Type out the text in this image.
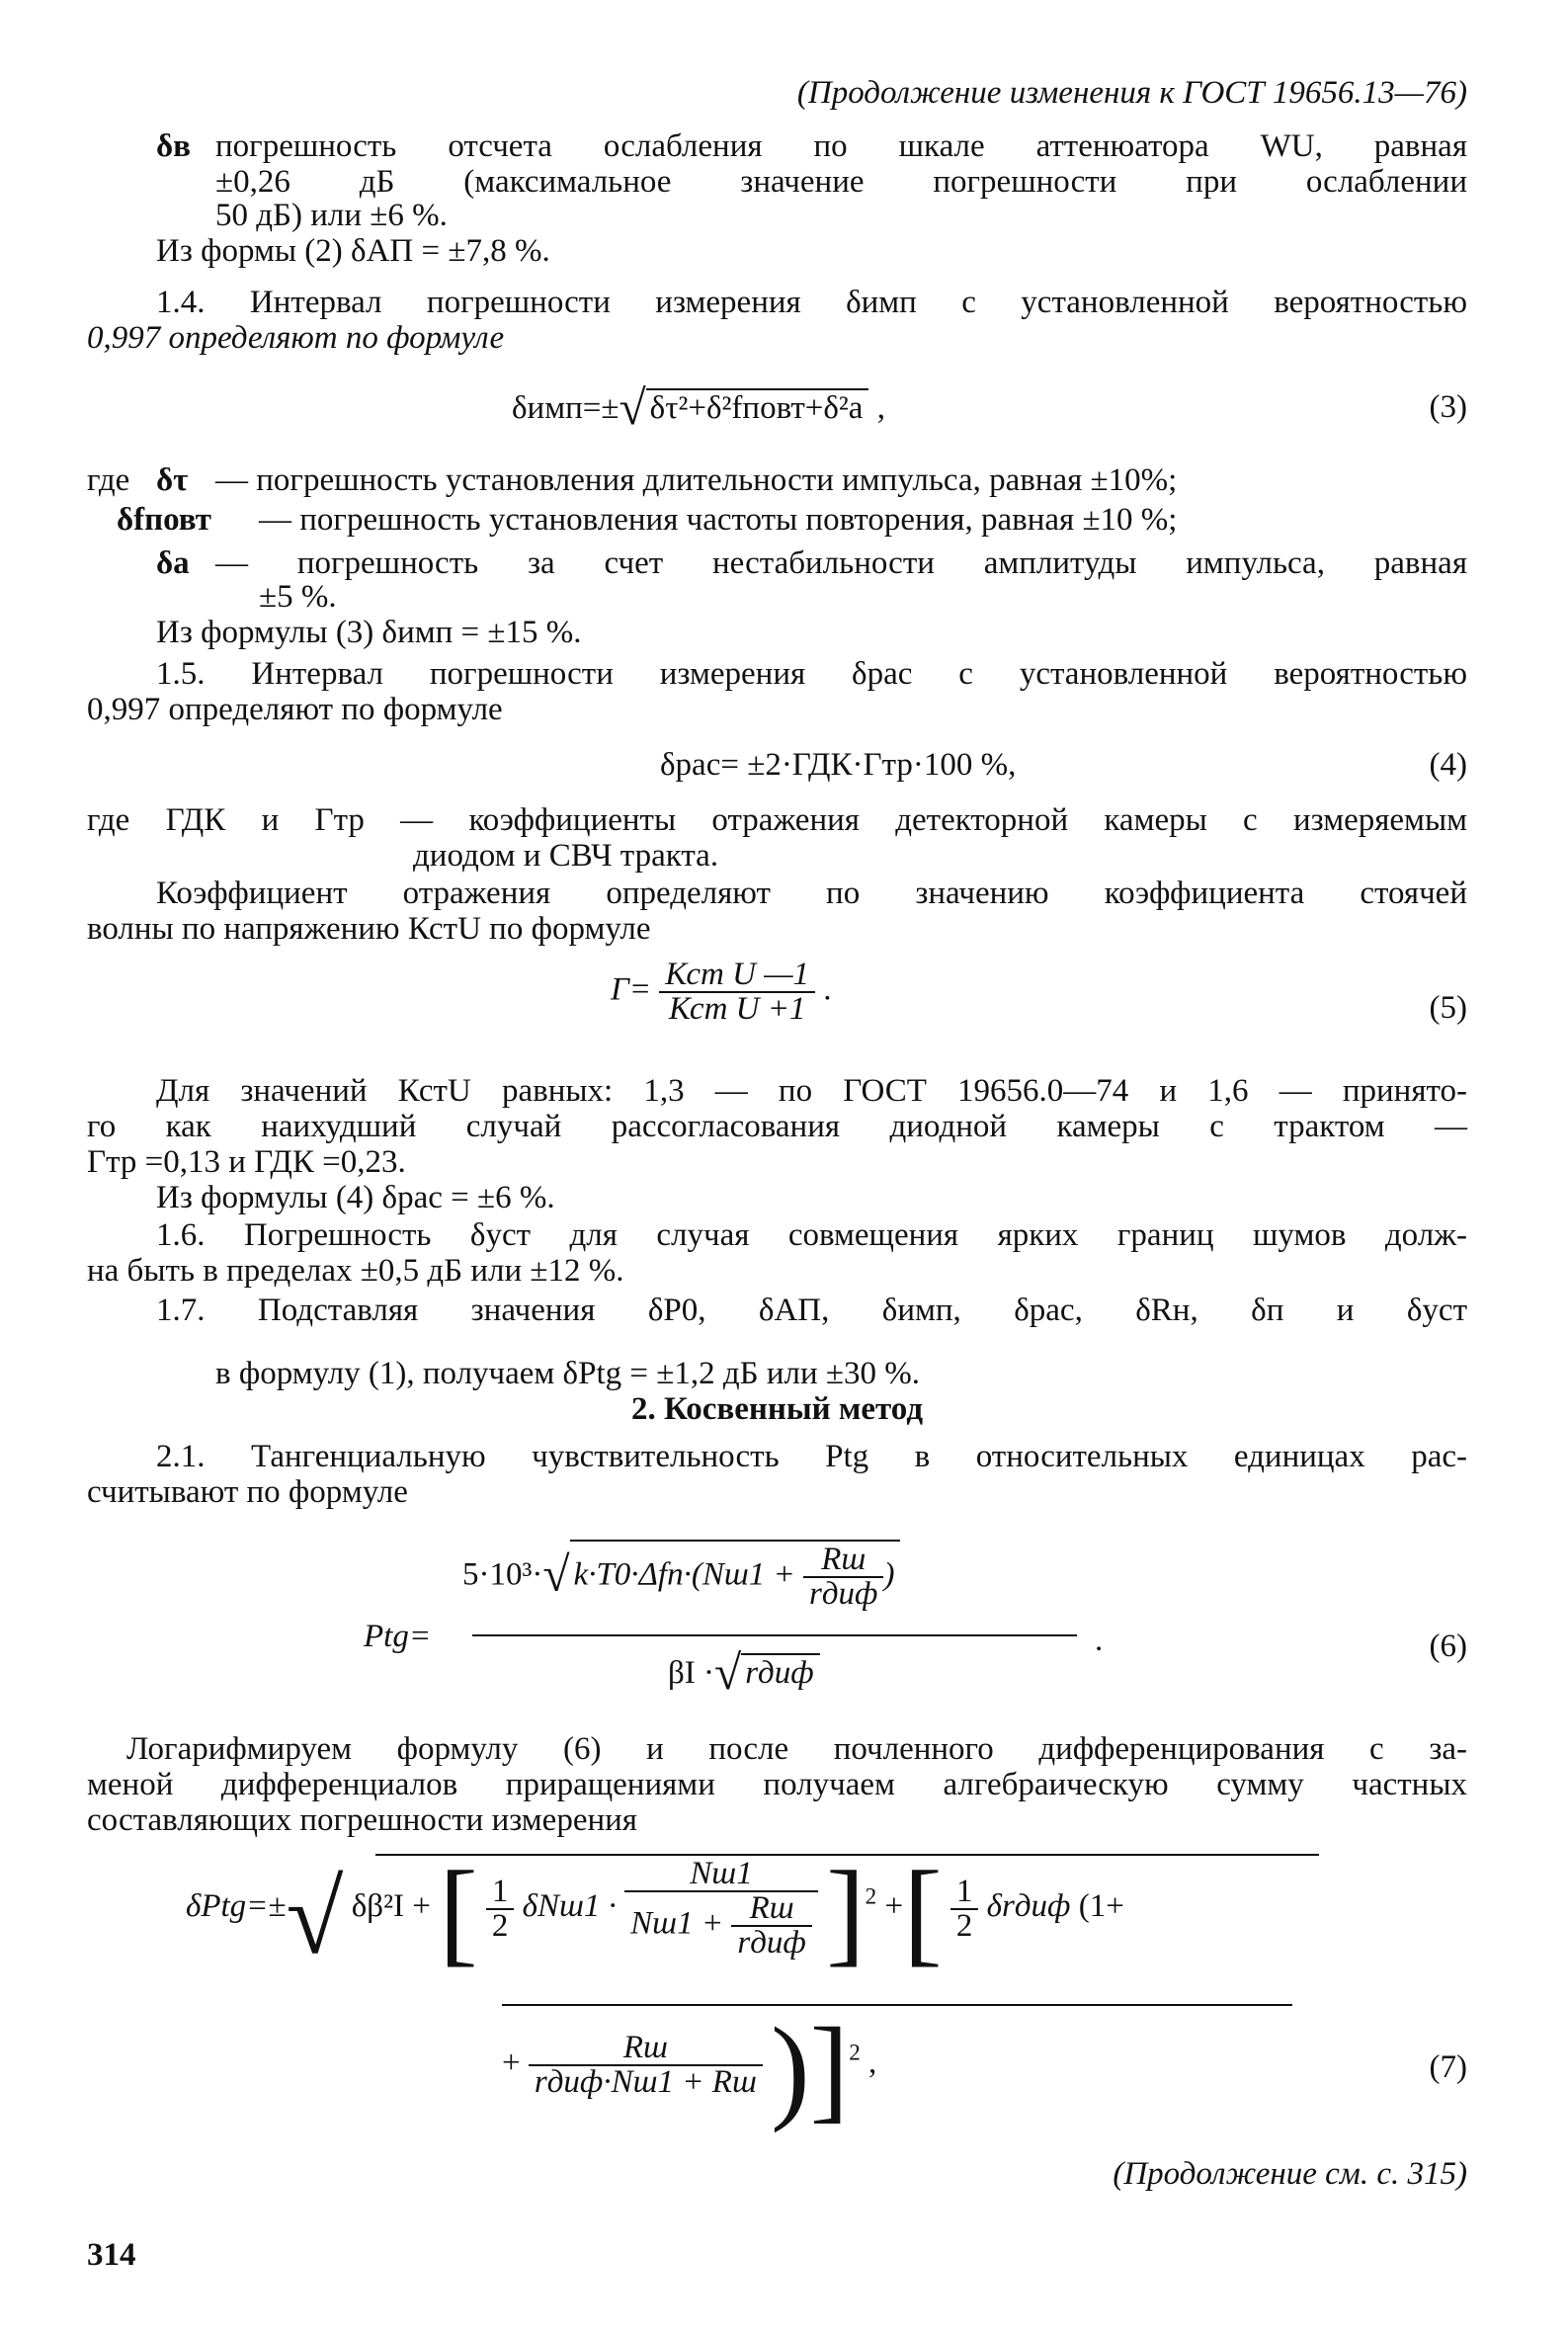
(Продолжение изменения к ГОСТ 19656.13—76)
δв погрешность отсчета ослабления по шкале аттенюатора WU, равная
±0,26 дБ (максимальное значение погрешности при ослаблении
50 дБ) или ±6 %.
Из формы (2) δАП = ±7,8 %.
1.4. Интервал погрешности измерения δимп с установленной вероятностью
0,997 определяют по формуле
δимп=±√ δτ²+δ²fповт+δ²а ,	(3)
где δτ — погрешность установления длительности импульса, равная ±10%;
δfповт — погрешность установления частоты повторения, равная ±10 %;
δа — погрешность за счет нестабильности амплитуды импульса, равная
±5 %.
Из формулы (3) δимп = ±15 %.
1.5. Интервал погрешности измерения δрас с установленной вероятностью
0,997 определяют по формуле
δрас= ±2·ГДК·Гтр·100 %,	(4)
где ГДК и Гтр — коэффициенты отражения детекторной камеры с измеряемым
диодом и СВЧ тракта.
Коэффициент отражения определяют по значению коэффициента стоячей
волны по напряжению КстU по формуле
$Г= \frac{\text{Кст U —1}}{\text{Кст U +1}}$ .
(5)
Для значений КстU равных: 1,3 — по ГОСТ 19656.0—74 и 1,6 — принято-
го как наихудший случай рассогласования диодной камеры с трактом —
Гтр =0,13 и ГДК =0,23.
Из формулы (4) δрас = ±6 %.
1.6. Погрешность δуст для случая совмещения ярких границ шумов долж-
на быть в пределах ±0,5 дБ или ±12 %.
1.7. Подставляя значения δP0, δАП, δимп, δрас, δRн, δп и δуст
в формулу (1), получаем δPtg = ±1,2 дБ или ±30 %.
2. Косвенный метод
2.1. Тангенциальную чувствительность Ptg в относительных единицах рас-
считывают по формуле
Ptg=
5·10³·√ $k\cdot T0\cdot\Delta fп\cdot(Nш1 + \frac{Rш}{\text{rдиф}}$ )
βI ·√ rдиф
.	(6)
Логарифмируем формулу (6) и после почленного дифференцирования с за-
меной дифференциалов приращениями получаем алгебраическую сумму частных
составляющих погрешности измерения
δPtg=±√ δβ²I + [ $\frac{1}{2} \delta Nш1 \cdot \frac{Nш1}{Nш1 + \frac{Rш}{\text{rдиф}}} ]^2$ +[ $\frac{1}{2}$ δrдиф (1+
+ $\frac{Rш}{\text{rдиф·Nш1 + Rш}} )]^2$ ,	(7)
(Продолжение см. с. 315)
314
